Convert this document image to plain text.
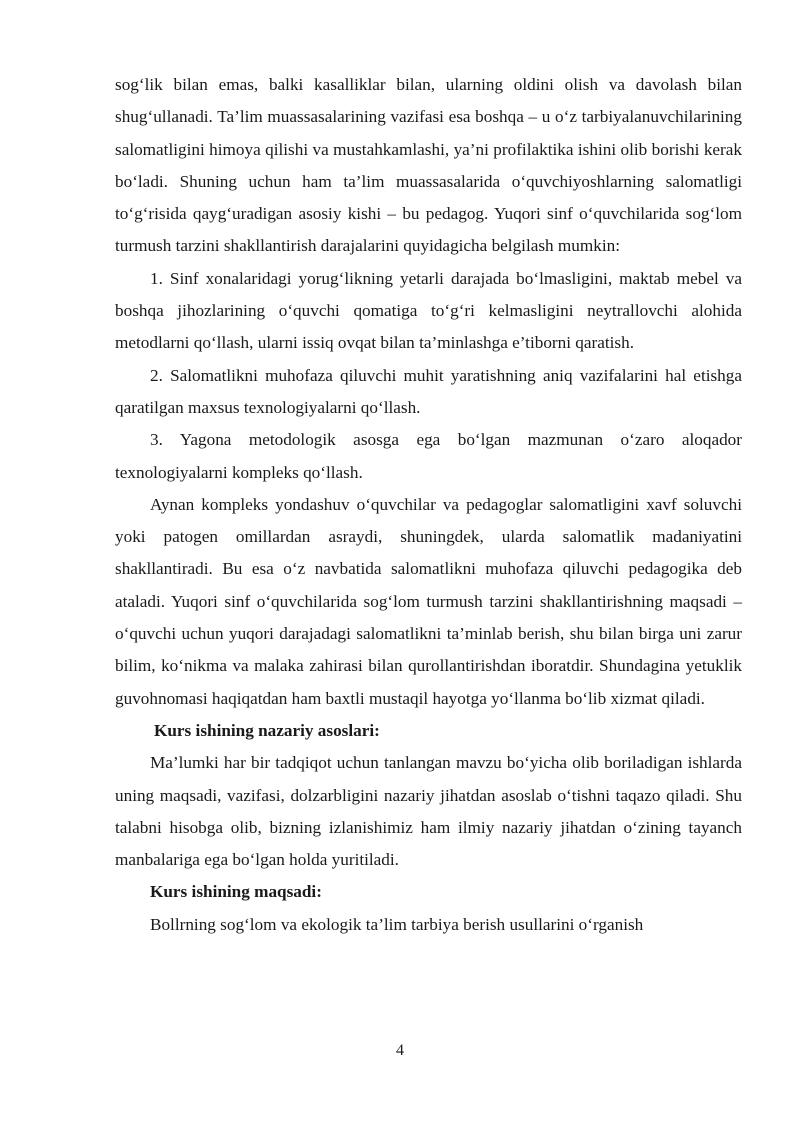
sog‘lik bilan emas, balki kasalliklar bilan, ularning oldini olish va davolash bilan shug‘ullanadi. Ta’lim muassasalarining vazifasi esa boshqa – u o‘z tarbiyalanuvchilarining salomatligini himoya qilishi va mustahkamlashi, ya’ni profilaktika ishini olib borishi kerak bo‘ladi. Shuning uchun ham ta’lim muassasalarida o‘quvchiyoshlarning salomatligi to‘g‘risida qayg‘uradigan asosiy kishi – bu pedagog. Yuqori sinf o‘quvchilarida sog‘lom turmush tarzini shakllantirish darajalarini quyidagicha belgilash mumkin:

1. Sinf xonalaridagi yorug‘likning yetarli darajada bo‘lmasligini, maktab mebel va boshqa jihozlarining o‘quvchi qomatiga to‘g‘ri kelmasligini neytrallovchi alohida metodlarni qo‘llash, ularni issiq ovqat bilan ta’minlashga e’tiborni qaratish.

2. Salomatlikni muhofaza qiluvchi muhit yaratishning aniq vazifalarini hal etishga qaratilgan maxsus texnologiyalarni qo‘llash.

3. Yagona metodologik asosga ega bo‘lgan mazmunan o‘zaro aloqador texnologiyalarni kompleks qo‘llash.

Aynan kompleks yondashuv o‘quvchilar va pedagoglar salomatligini xavf soluvchi yoki patogen omillardan asraydi, shuningdek, ularda salomatlik madaniyatini shakllantiradi. Bu esa o‘z navbatida salomatlikni muhofaza qiluvchi pedagogika deb ataladi. Yuqori sinf o‘quvchilarida sog‘lom turmush tarzini shakllantirishning maqsadi – o‘quvchi uchun yuqori darajadagi salomatlikni ta’minlab berish, shu bilan birga uni zarur bilim, ko‘nikma va malaka zahirasi bilan qurollantirishdan iboratdir. Shundagina yetuklik guvohnomasi haqiqatdan ham baxtli mustaqil hayotga yo‘llanma bo‘lib xizmat qiladi.

Kurs ishining nazariy asoslari:

Ma’lumki har bir tadqiqot uchun tanlangan mavzu bo‘yicha olib boriladigan ishlarda uning maqsadi, vazifasi, dolzarbligini nazariy jihatdan asoslab o‘tishni taqazo qiladi. Shu talabni hisobga olib, bizning izlanishimiz ham ilmiy nazariy jihatdan o‘zining tayanch manbalariga ega bo‘lgan holda yuritiladi.

Kurs ishining maqsadi:

Bollrning sog‘lom va ekologik ta’lim tarbiya berish usullarini o‘rganish

4
